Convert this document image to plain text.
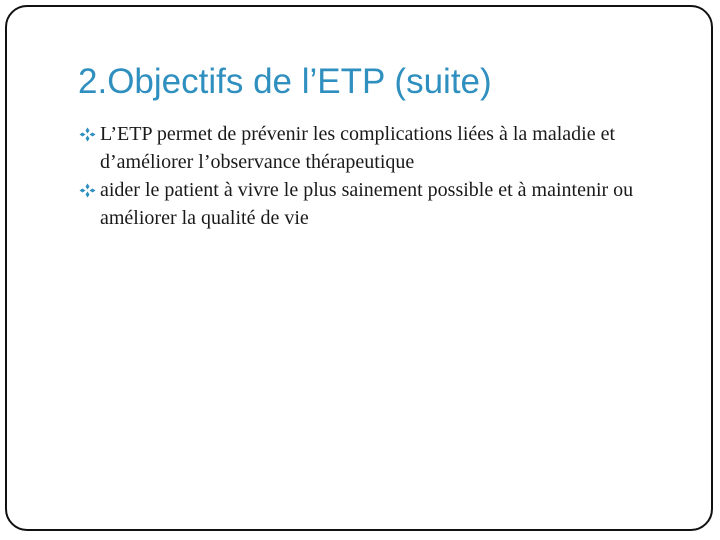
2.Objectifs de l’ETP (suite)
L’ETP permet de prévenir les complications liées à la maladie et d’améliorer l’observance thérapeutique
aider le patient à vivre le plus sainement possible et à maintenir ou améliorer la qualité de vie
